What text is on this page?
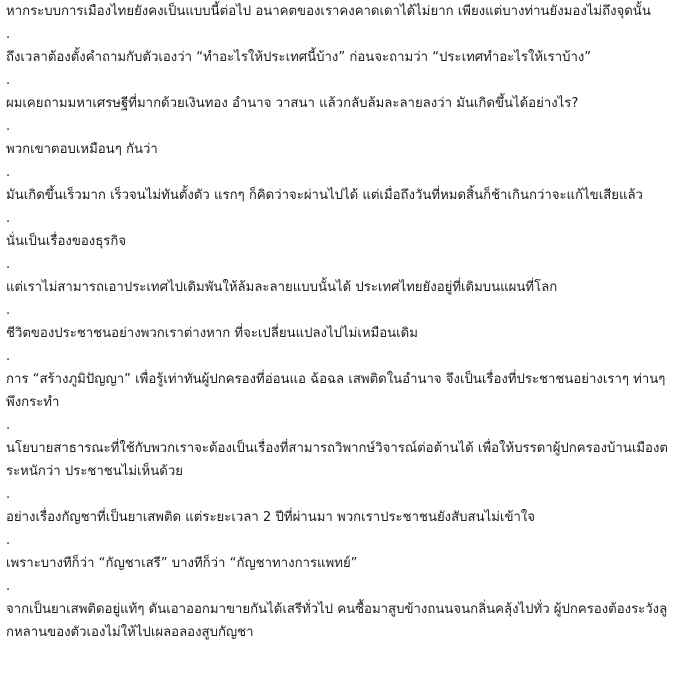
หากระบบการเมืองไทยยังคงเป็นแบบนี้ต่อไป อนาคตของเราคงคาดเดาได้ไม่ยาก เพียงแต่บางท่านยังมองไม่ถึงจุดนั้น

.

ถึงเวลาต้องตั้งคำถามกับตัวเองว่า “ทำอะไรให้ประเทศนี้บ้าง” ก่อนจะถามว่า “ประเทศทำอะไรให้เราบ้าง”

.

ผมเคยถามมหาเศรษฐีที่มากด้วยเงินทอง อำนาจ วาสนา แล้วกลับล้มละลายลงว่า มันเกิดขึ้นได้อย่างไร?

.

พวกเขาตอบเหมือนๆ กันว่า

.

มันเกิดขึ้นเร็วมาก เร็วจนไม่ทันตั้งตัว แรกๆ ก็คิดว่าจะผ่านไปได้ แต่เมื่อถึงวันที่หมดสิ้นก็ช้าเกินกว่าจะแก้ไขเสียแล้ว

.

นั่นเป็นเรื่องของธุรกิจ

.

แต่เราไม่สามารถเอาประเทศไปเดิมพันให้ล้มละลายแบบนั้นได้ ประเทศไทยยังอยู่ที่เดิมบนแผนที่โลก

.

ชีวิตของประชาชนอย่างพวกเราต่างหาก ที่จะเปลี่ยนแปลงไปไม่เหมือนเดิม

.

การ “สร้างภูมิปัญญา” เพื่อรู้เท่าทันผู้ปกครองที่อ่อนแอ ฉ้อฉล เสพติดในอำนาจ จึงเป็นเรื่องที่ประชาชนอย่างเราๆ ท่านๆ พึงกระทำ

.

นโยบายสาธารณะที่ใช้กับพวกเราจะต้องเป็นเรื่องที่สามารถวิพากษ์วิจารณ์ต่อต้านได้ เพื่อให้บรรดาผู้ปกครองบ้านเมืองตระหนักว่า ประชาชนไม่เห็นด้วย

.

อย่างเรื่องกัญชาที่เป็นยาเสพติด แต่ระยะเวลา 2 ปีที่ผ่านมา พวกเราประชาชนยังสับสนไม่เข้าใจ

.

เพราะบางทีก็ว่า “กัญชาเสรี” บางทีก็ว่า “กัญชาทางการแพทย์”

.

จากเป็นยาเสพติดอยู่แท้ๆ ดันเอาออกมาขายกันได้เสรีทั่วไป คนซื้อมาสูบข้างถนนจนกลิ่นคลุ้งไปทั่ว ผู้ปกครองต้องระวังลูกหลานของตัวเองไม่ให้ไปเผลอลองสูบกัญชา
